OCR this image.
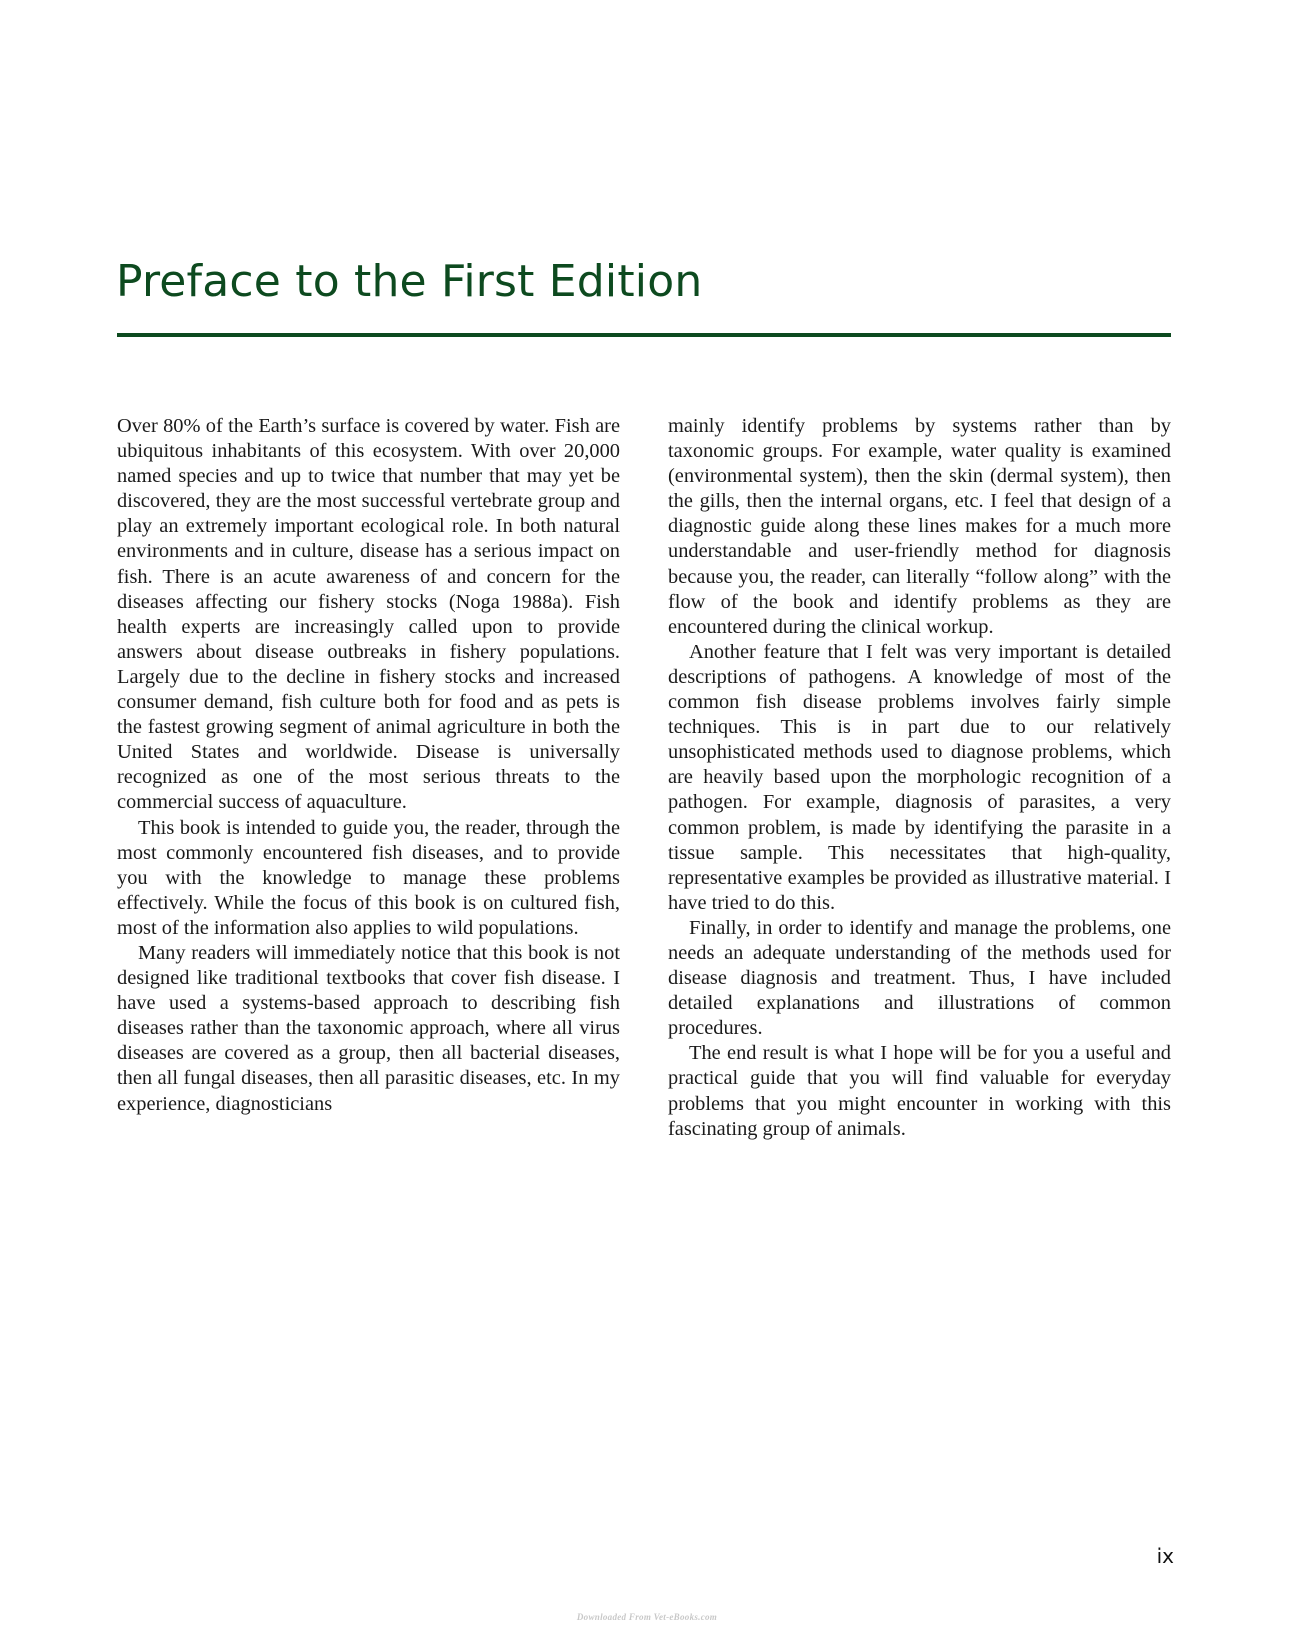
Preface to the First Edition

Over 80% of the Earth’s surface is covered by water. Fish are ubiquitous inhabitants of this ecosystem. With over 20,000 named species and up to twice that number that may yet be discovered, they are the most successful vertebrate group and play an extremely important ecological role. In both natural environments and in culture, disease has a serious impact on fish. There is an acute awareness of and concern for the diseases affecting our fishery stocks (Noga 1988a). Fish health experts are increasingly called upon to provide answers about disease outbreaks in fishery populations. Largely due to the decline in fishery stocks and increased consumer demand, fish culture both for food and as pets is the fastest growing segment of animal agriculture in both the United States and worldwide. Disease is universally recognized as one of the most serious threats to the commercial success of aquaculture.

This book is intended to guide you, the reader, through the most commonly encountered fish diseases, and to provide you with the knowledge to manage these problems effectively. While the focus of this book is on cultured fish, most of the information also applies to wild populations.

Many readers will immediately notice that this book is not designed like traditional textbooks that cover fish disease. I have used a systems-based approach to describing fish diseases rather than the taxonomic approach, where all virus diseases are covered as a group, then all bacterial diseases, then all fungal diseases, then all parasitic diseases, etc. In my experience, diagnosticians

mainly identify problems by systems rather than by taxonomic groups. For example, water quality is examined (environmental system), then the skin (dermal system), then the gills, then the internal organs, etc. I feel that design of a diagnostic guide along these lines makes for a much more understandable and user-friendly method for diagnosis because you, the reader, can literally “follow along” with the flow of the book and identify problems as they are encountered during the clinical workup.

Another feature that I felt was very important is detailed descriptions of pathogens. A knowledge of most of the common fish disease problems involves fairly simple techniques. This is in part due to our relatively unsophisticated methods used to diagnose problems, which are heavily based upon the morphologic recognition of a pathogen. For example, diagnosis of parasites, a very common problem, is made by identifying the parasite in a tissue sample. This necessitates that high-quality, representative examples be provided as illustrative material. I have tried to do this.

Finally, in order to identify and manage the problems, one needs an adequate understanding of the methods used for disease diagnosis and treatment. Thus, I have included detailed explanations and illustrations of common procedures.

The end result is what I hope will be for you a useful and practical guide that you will find valuable for everyday problems that you might encounter in working with this fascinating group of animals.

ix
Downloaded From Vet-eBooks.com
